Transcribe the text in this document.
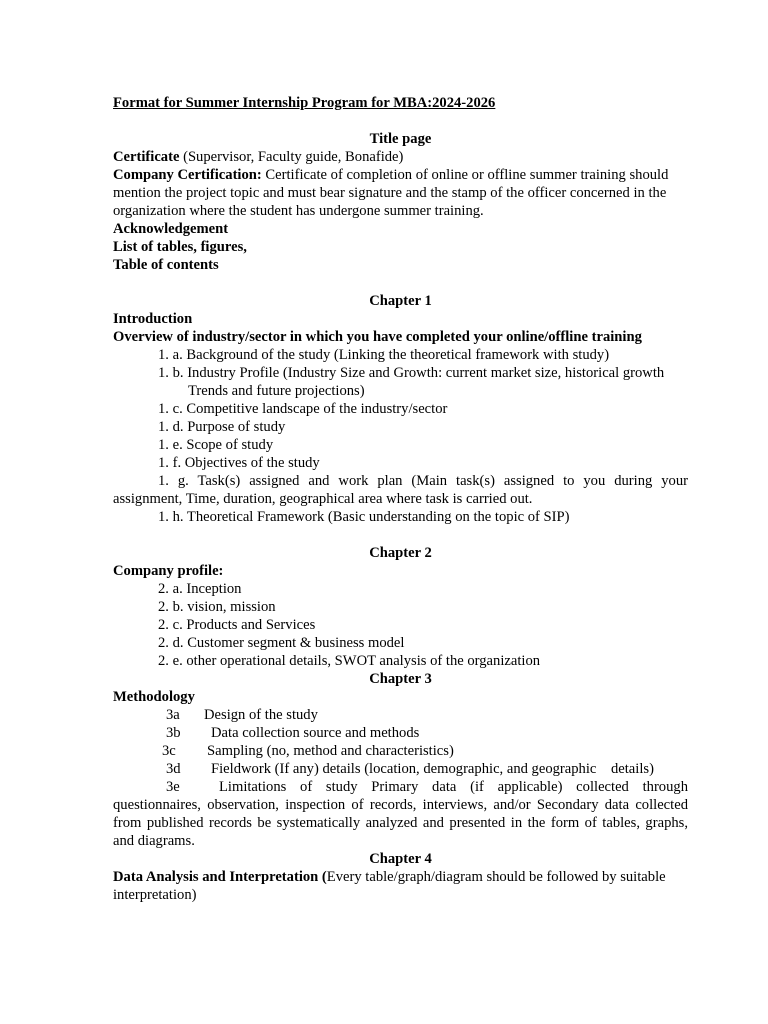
Format for Summer Internship Program for MBA:2024-2026
Title page
Certificate (Supervisor, Faculty guide, Bonafide)
Company Certification: Certificate of completion of online or offline summer training should mention the project topic and must bear signature and the stamp of the officer concerned in the organization where the student has undergone summer training.
Acknowledgement
List of tables, figures,
Table of contents
Chapter 1
Introduction
Overview of industry/sector in which you have completed your online/offline training
1. a. Background of the study (Linking the theoretical framework with study)
1. b. Industry Profile (Industry Size and Growth: current market size, historical growth
Trends and future projections)
1. c. Competitive landscape of the industry/sector
1. d. Purpose of study
1. e. Scope of study
1. f. Objectives of the study
1. g. Task(s) assigned and work plan (Main task(s) assigned to you during your assignment, Time, duration, geographical area where task is carried out.
1. h. Theoretical Framework (Basic understanding on the topic of SIP)
Chapter 2
Company profile:
2. a. Inception
2. b. vision, mission
2. c. Products and Services
2. d. Customer segment & business model
2. e. other operational details, SWOT analysis of the organization
Chapter 3
Methodology
3a Design of the study
3b Data collection source and methods
3c Sampling (no, method and characteristics)
3d Fieldwork (If any) details (location, demographic, and geographic    details)
3e	Limitations of study Primary data (if applicable) collected through questionnaires, observation, inspection of records, interviews, and/or Secondary data collected from published records be systematically analyzed and presented in the form of tables, graphs, and diagrams.
Chapter 4
Data Analysis and Interpretation (Every table/graph/diagram should be followed by suitable interpretation)
